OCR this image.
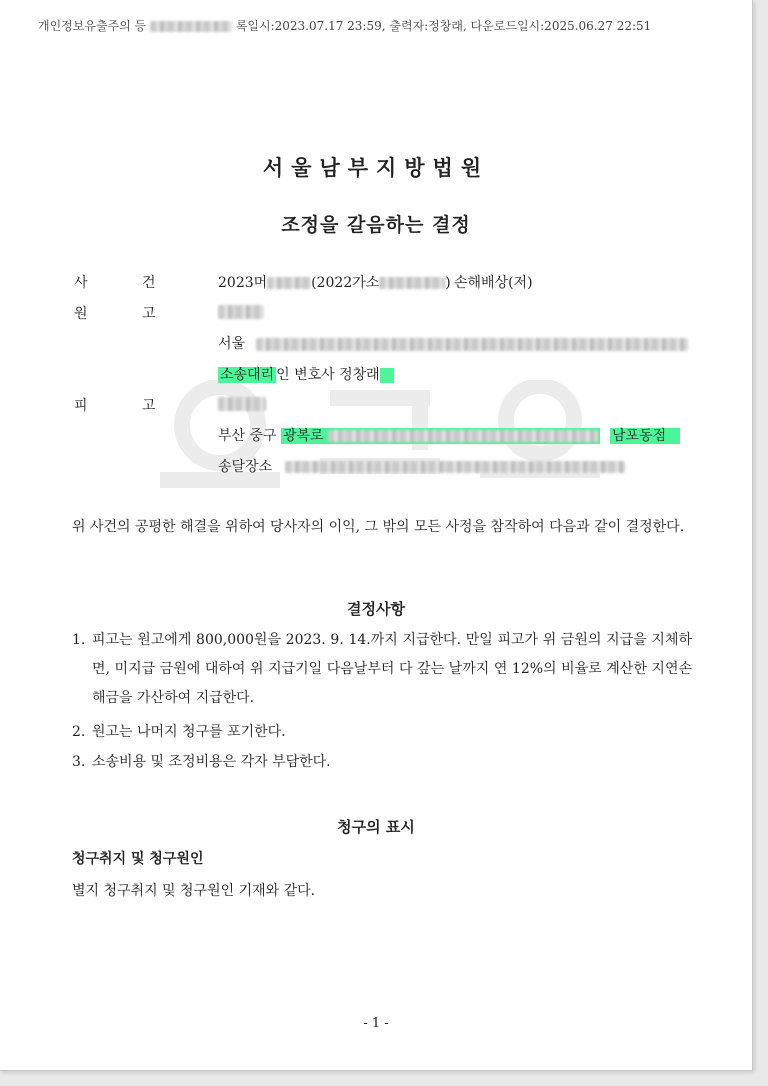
개인정보유출주의 등	록일시:2023.07.17 23:59, 출력자:정창래, 다운로드일시:2025.06.27 22:51
서울남부지방법원
조정을 갈음하는 결정
사	건	2023머	(2022가소	) 손해배상(저)
원	고
서울
소송대리 인 변호사 정창래
피	고
부산 중구 광복로	남포동점
송달장소
위 사건의 공평한 해결을 위하여 당사자의 이익, 그 밖의 모든 사정을 참작하여 다음과 같이 결정한다.
결정사항
1. 피고는 원고에게 800,000원을 2023. 9. 14.까지 지급한다. 만일 피고가 위 금원의 지급을 지체하면, 미지급 금원에 대하여 위 지급기일 다음날부터 다 갚는 날까지 연 12%의 비율로 계산한 지연손해금을 가산하여 지급한다.
2. 원고는 나머지 청구를 포기한다.
3. 소송비용 및 조정비용은 각자 부담한다.
청구의 표시
청구취지 및 청구원인
별지 청구취지 및 청구원인 기재와 같다.
- 1 -
